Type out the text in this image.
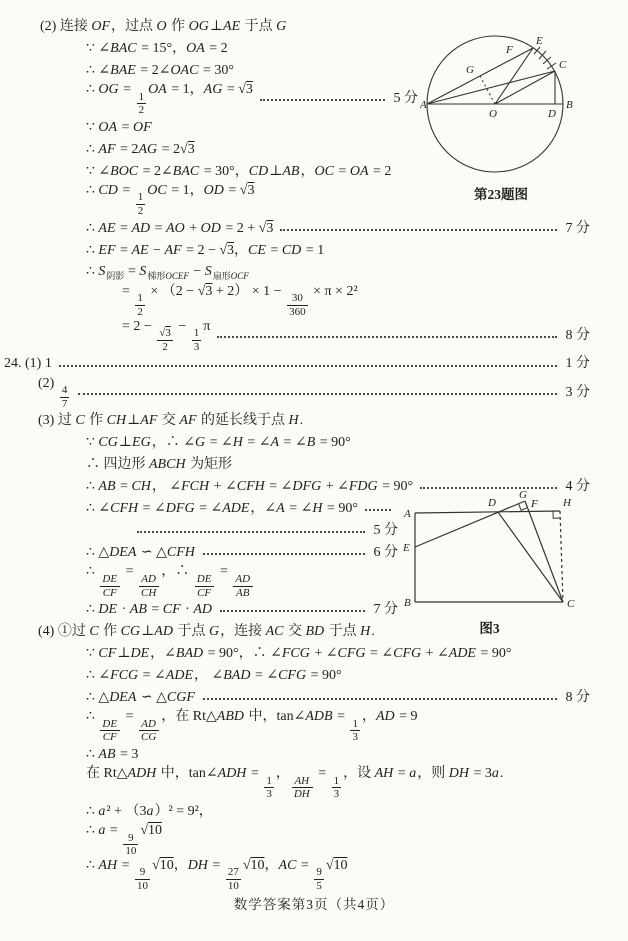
(2) 连接 OF，过点 O 作 OG⊥AE 于点 G
∵ ∠BAC = 15°，OA = 2
∴ ∠BAE = 2∠OAC = 30°
∴ OG =
$\frac{1}{2}$
OA = 1，AG = √3
5 分
∵ OA = OF
∴ AF = 2AG = 2√3
∵ ∠BOC = 2∠BAC = 30°，CD⊥AB，OC = OA = 2
∴ CD =
$\frac{1}{2}$
OC = 1，OD = √3
∴ AE = AD = AO + OD = 2 + √3	7 分
∴ EF = AE − AF = 2 − √3，CE = CD = 1
∴ $S_{阴影} = S_{梯形OCEF} - S_{扇形OCF}$
=
$\frac{1}{2}$
× （2 − √3 + 2） × 1 −
$\frac{30}{360}$
× π × 2²
= 2 −
$\frac{√3}{2}$
−
$\frac{1}{3}$
π
8 分
24. (1) 1	1 分
(2)
$\frac{4}{7}$	3 分
(3) 过 C 作 CH⊥AF 交 AF 的延长线于点 H.
∵ CG⊥EG，∴ ∠G = ∠H = ∠A = ∠B = 90°
∴ 四边形 ABCH 为矩形
∴ AB = CH， ∠FCH + ∠CFH = ∠DFG + ∠FDG = 90°	4 分
∴ ∠CFH = ∠DFG = ∠ADE，∠A = ∠H = 90°
5 分
∴ △DEA ∽ △CFH	6 分
∴
$\frac{DE}{CF}$
=
$\frac{AD}{CH}$
，∴
$\frac{DE}{CF}$
=
$\frac{AD}{AB}$
∴ DE · AB = CF · AD	7 分
(4) ①过 C 作 CG⊥AD 于点 G，连接 AC 交 BD 于点 H.
∵ CF⊥DE，∠BAD = 90°，∴ ∠FCG + ∠CFG = ∠CFG + ∠ADE = 90°
∴ ∠FCG = ∠ADE， ∠BAD = ∠CFG = 90°
∴ △DEA ∽ △CGF	8 分
∴
$\frac{DE}{CF}$
=
$\frac{AD}{CG}$
，在 Rt△ABD 中，tan∠ADB =
$\frac{1}{3}$
，AD = 9
∴ AB = 3
在 Rt△ADH 中，tan∠ADH =
$\frac{1}{3}$
，
$\frac{AH}{DH}$
=
$\frac{1}{3}$
，设 AH = a，则 DH = 3a.
∴ a² + （3a）² = 9²，
∴ a =
$\frac{9}{10}$
√10
∴ AH =
$\frac{9}{10}$
√10，DH =
$\frac{27}{10}$
√10，AC =
$\frac{9}{5}$
√10
A	B
C
D
E
F
G
O
第23题图
A
B	C
D
E
F
G
H
图3
数学答案第3页（共4页）
